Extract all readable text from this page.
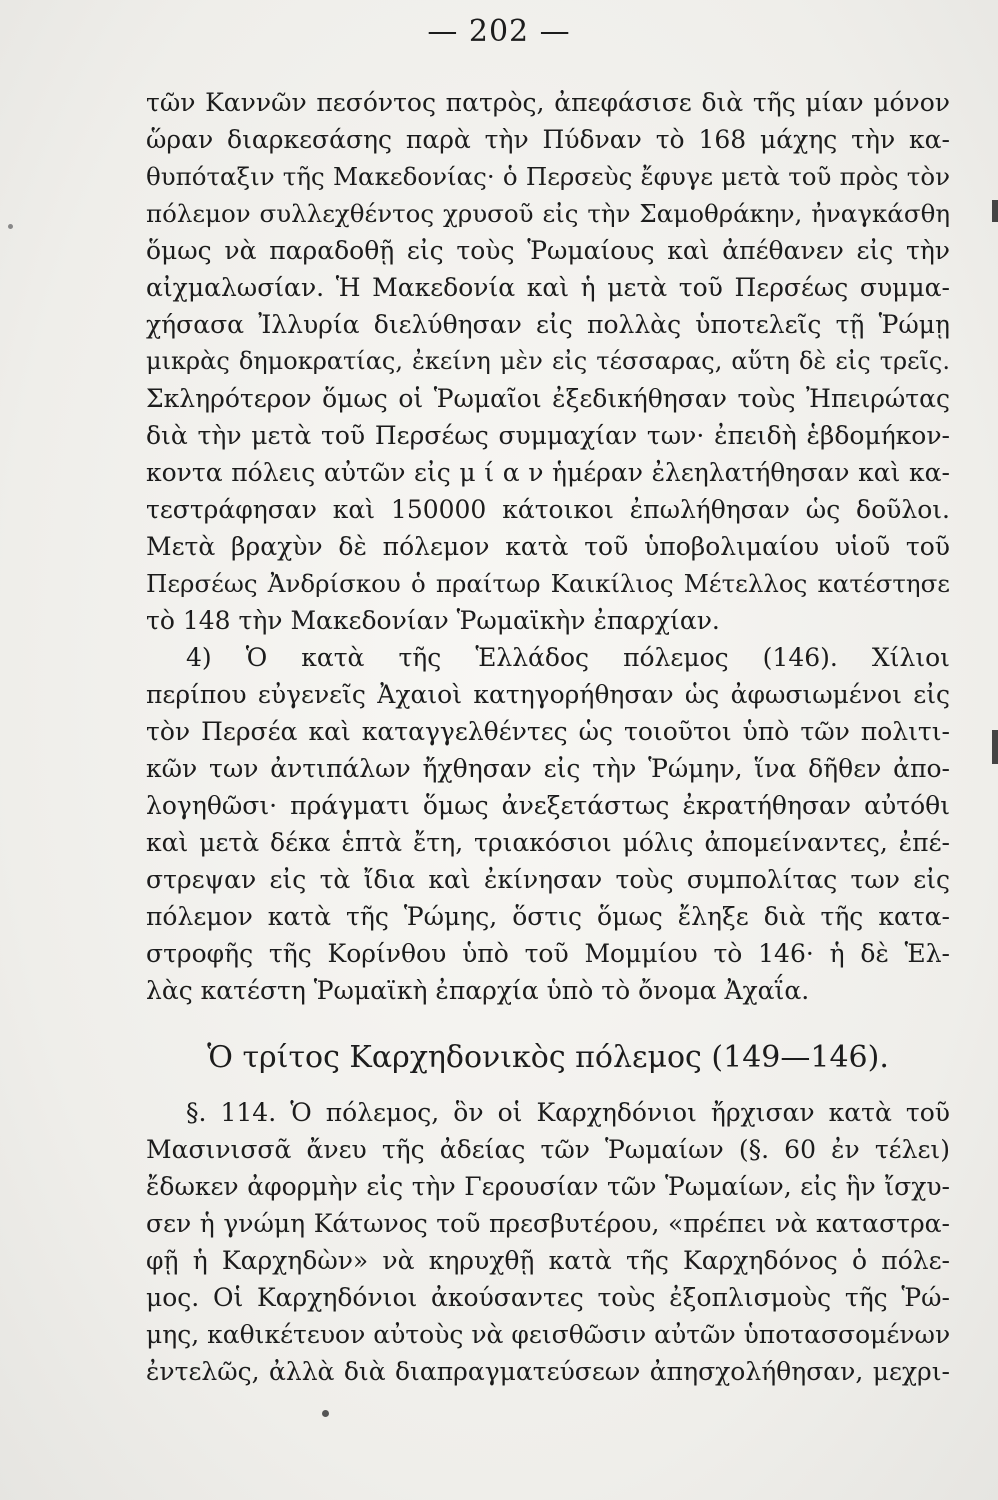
— 202 —
τῶν Καννῶν πεσόντος πατρὸς, ἀπεφάσισε διὰ τῆς μίαν μόνον
ὥραν διαρκεσάσης παρὰ τὴν Πύδναν τὸ 168 μάχης τὴν κα-
θυπόταξιν τῆς Μακεδονίας· ὁ Περσεὺς ἔφυγε μετὰ τοῦ πρὸς τὸν
πόλεμον συλλεχθέντος χρυσοῦ εἰς τὴν Σαμοθράκην, ἠναγκάσθη
ὅμως νὰ παραδοθῇ εἰς τοὺς Ῥωμαίους καὶ ἀπέθανεν εἰς τὴν
αἰχμαλωσίαν. Ἡ Μακεδονία καὶ ἡ μετὰ τοῦ Περσέως συμμα-
χήσασα Ἰλλυρία διελύθησαν εἰς πολλὰς ὑποτελεῖς τῇ Ῥώμῃ
μικρὰς δημοκρατίας, ἐκείνη μὲν εἰς τέσσαρας, αὕτη δὲ εἰς τρεῖς.
Σκληρότερον ὅμως οἱ Ῥωμαῖοι ἐξεδικήθησαν τοὺς Ἠπειρώτας
διὰ τὴν μετὰ τοῦ Περσέως συμμαχίαν των· ἐπειδὴ ἑβδομήκον-
κοντα πόλεις αὐτῶν εἰς μ ί α ν ἡμέραν ἐλεηλατήθησαν καὶ κα-
τεστράφησαν καὶ 150000 κάτοικοι ἐπωλήθησαν ὡς δοῦλοι.
Μετὰ βραχὺν δὲ πόλεμον κατὰ τοῦ ὑποβολιμαίου υἱοῦ τοῦ
Περσέως Ἀνδρίσκου ὁ πραίτωρ Καικίλιος Μέτελλος κατέστησε
τὸ 148 τὴν Μακεδονίαν Ῥωμαϊκὴν ἐπαρχίαν.
4) Ὁ κατὰ τῆς Ἑλλάδος πόλεμος (146). Χίλιοι
περίπου εὐγενεῖς Ἀχαιοὶ κατηγορήθησαν ὡς ἀφωσιωμένοι εἰς
τὸν Περσέα καὶ καταγγελθέντες ὡς τοιοῦτοι ὑπὸ τῶν πολιτι-
κῶν των ἀντιπάλων ἤχθησαν εἰς τὴν Ῥώμην, ἵνα δῆθεν ἀπο-
λογηθῶσι· πράγματι ὅμως ἀνεξετάστως ἐκρατήθησαν αὐτόθι
καὶ μετὰ δέκα ἑπτὰ ἔτη, τριακόσιοι μόλις ἀπομείναντες, ἐπέ-
στρεψαν εἰς τὰ ἴδια καὶ ἐκίνησαν τοὺς συμπολίτας των εἰς
πόλεμον κατὰ τῆς Ῥώμης, ὅστις ὅμως ἔληξε διὰ τῆς κατα-
στροφῆς τῆς Κορίνθου ὑπὸ τοῦ Μομμίου τὸ 146· ἡ δὲ Ἑλ-
λὰς κατέστη Ῥωμαϊκὴ ἐπαρχία ὑπὸ τὸ ὄνομα Ἀχαΐα.
Ὁ τρίτος Καρχηδονικὸς πόλεμος (149—146).
§. 114. Ὁ πόλεμος, ὃν οἱ Καρχηδόνιοι ἤρχισαν κατὰ τοῦ
Μασινισσᾶ ἄνευ τῆς ἀδείας τῶν Ῥωμαίων (§. 60 ἐν τέλει)
ἔδωκεν ἀφορμὴν εἰς τὴν Γερουσίαν τῶν Ῥωμαίων, εἰς ἣν ἴσχυ-
σεν ἡ γνώμη Κάτωνος τοῦ πρεσβυτέρου, «πρέπει νὰ καταστρα-
φῇ ἡ Καρχηδὼν» νὰ κηρυχθῇ κατὰ τῆς Καρχηδόνος ὁ πόλε-
μος. Οἱ Καρχηδόνιοι ἀκούσαντες τοὺς ἐξοπλισμοὺς τῆς Ῥώ-
μης, καθικέτευον αὐτοὺς νὰ φεισθῶσιν αὐτῶν ὑποτασσομένων
ἐντελῶς, ἀλλὰ διὰ διαπραγματεύσεων ἀπησχολήθησαν, μεχρι-
